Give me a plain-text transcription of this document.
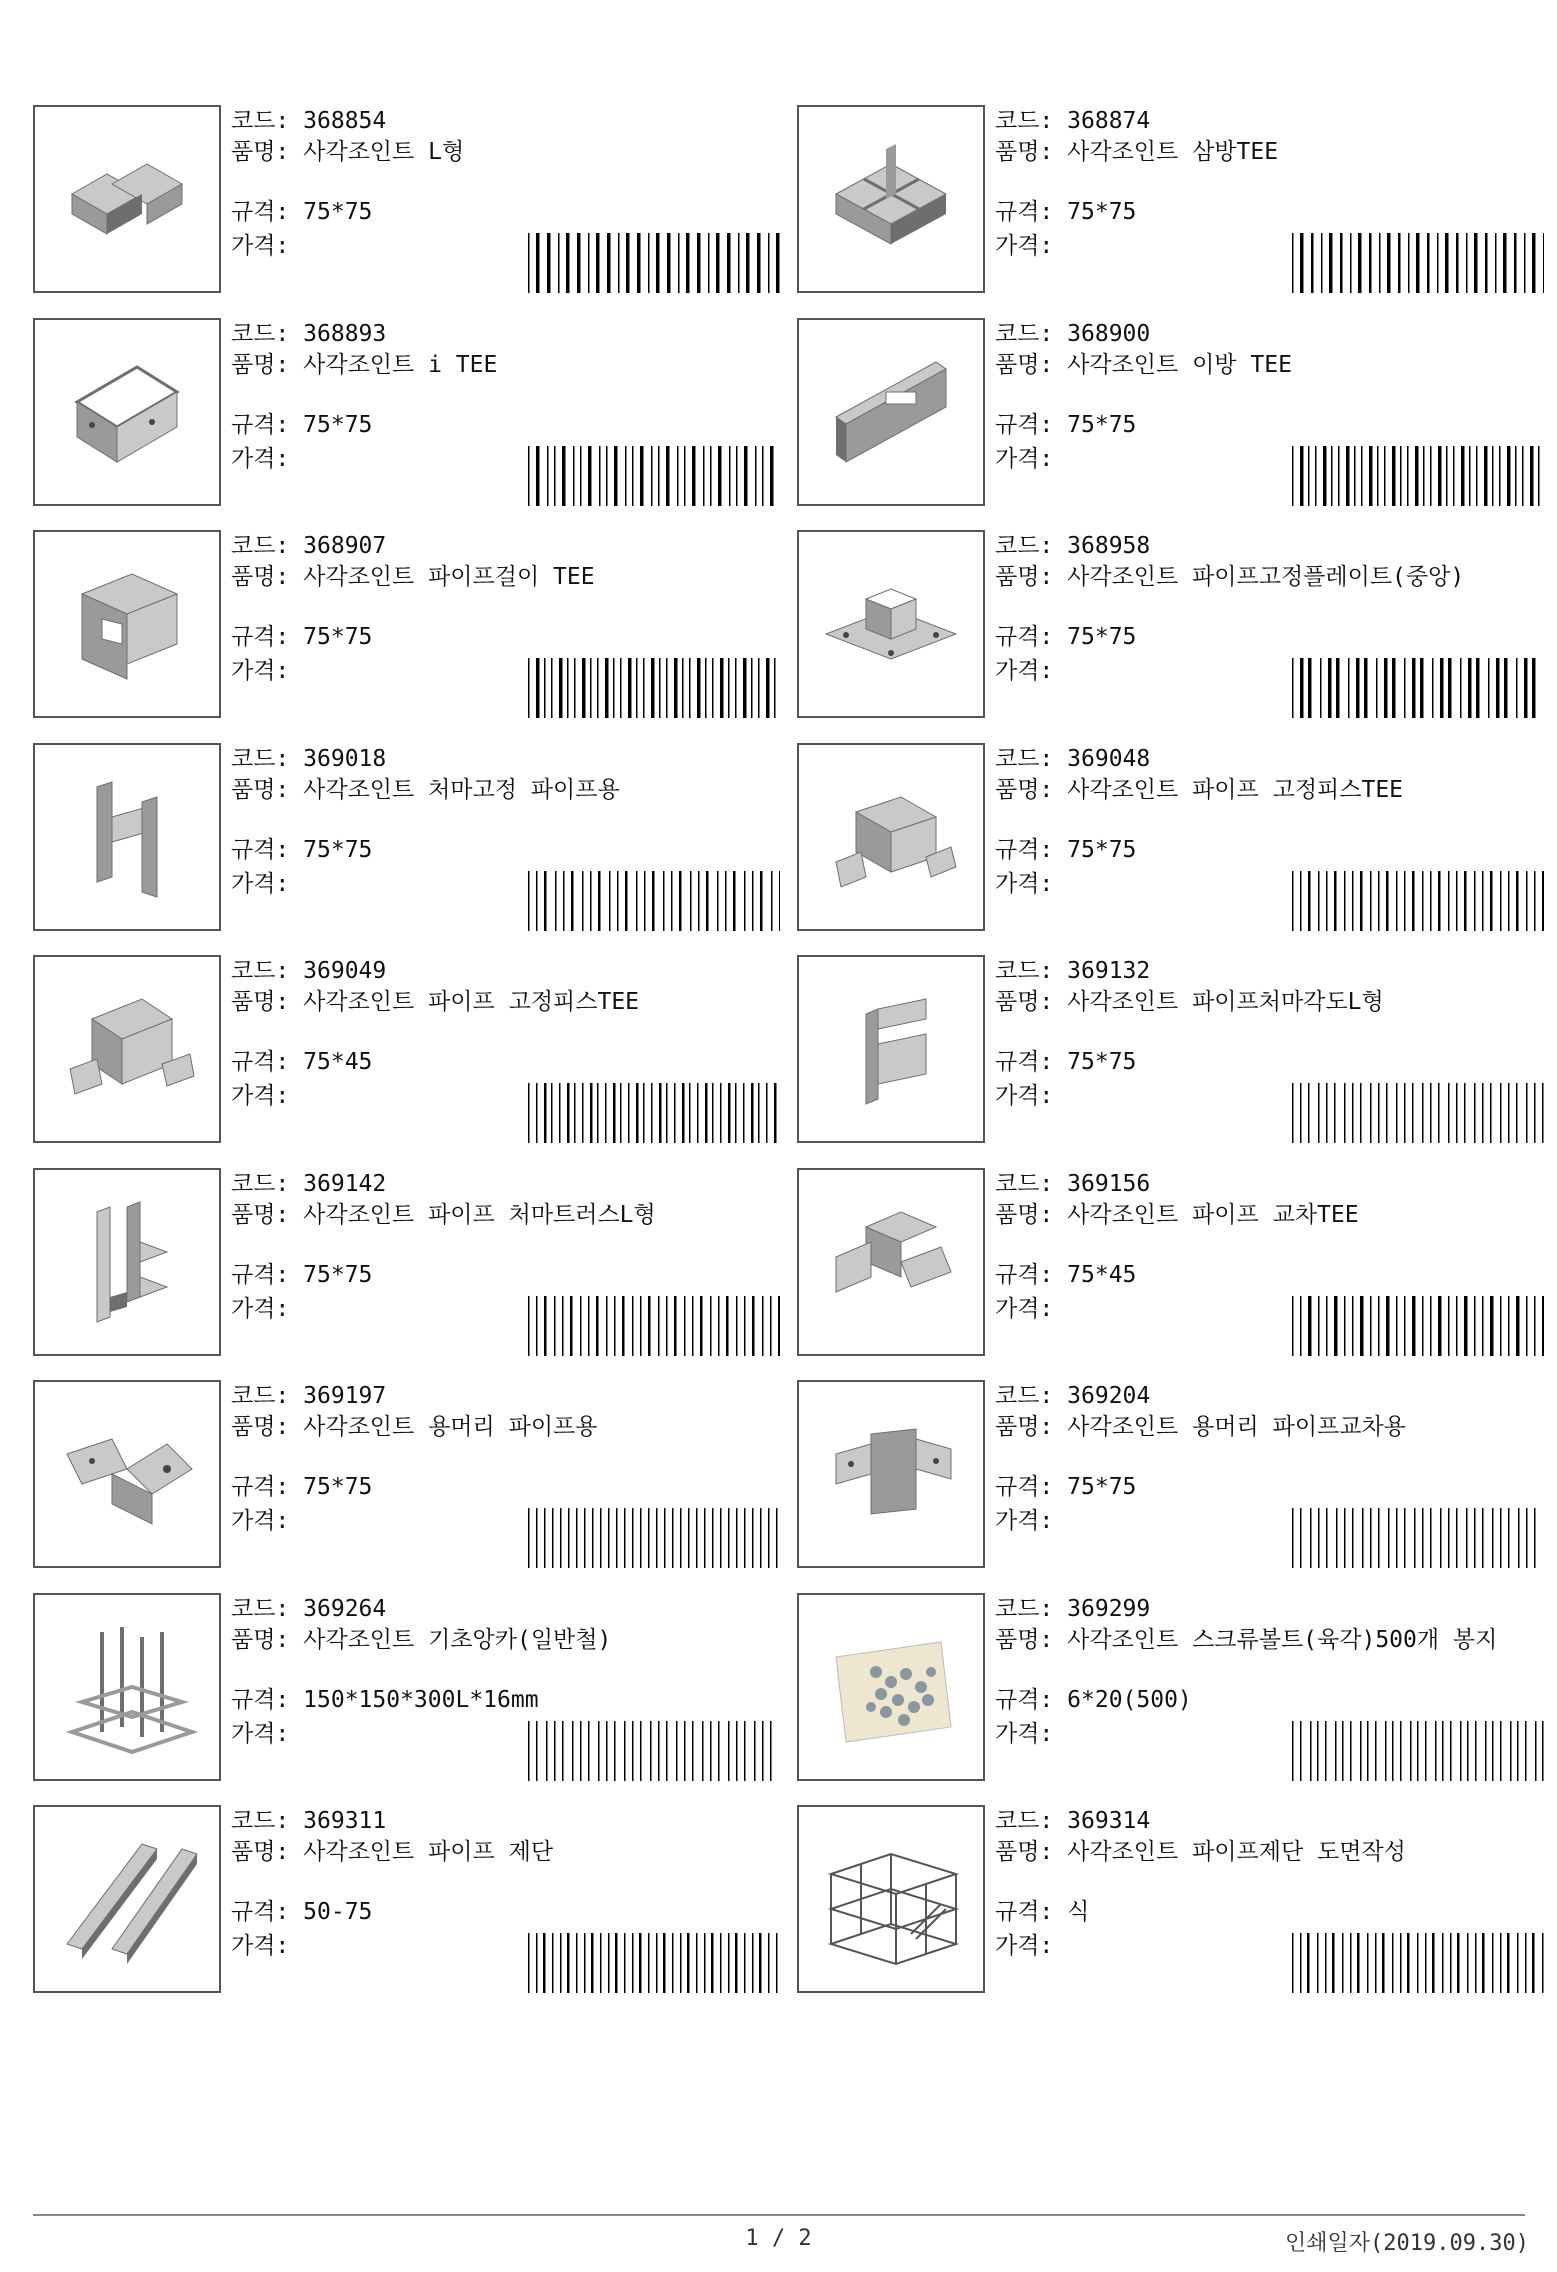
코드: 368854
품명: 사각조인트 L형
규격: 75*75
가격:
코드: 368874
품명: 사각조인트 삼방TEE
규격: 75*75
가격:
코드: 368893
품명: 사각조인트 i TEE
규격: 75*75
가격:
코드: 368900
품명: 사각조인트 이방 TEE
규격: 75*75
가격:
코드: 368907
품명: 사각조인트 파이프걸이 TEE
규격: 75*75
가격:
코드: 368958
품명: 사각조인트 파이프고정플레이트(중앙)
규격: 75*75
가격:
코드: 369018
품명: 사각조인트 처마고정 파이프용
규격: 75*75
가격:
코드: 369048
품명: 사각조인트 파이프 고정피스TEE
규격: 75*75
가격:
코드: 369049
품명: 사각조인트 파이프 고정피스TEE
규격: 75*45
가격:
코드: 369132
품명: 사각조인트 파이프처마각도L형
규격: 75*75
가격:
코드: 369142
품명: 사각조인트 파이프 처마트러스L형
규격: 75*75
가격:
코드: 369156
품명: 사각조인트 파이프 교차TEE
규격: 75*45
가격:
코드: 369197
품명: 사각조인트 용머리 파이프용
규격: 75*75
가격:
코드: 369204
품명: 사각조인트 용머리 파이프교차용
규격: 75*75
가격:
코드: 369264
품명: 사각조인트 기초앙카(일반철)
규격: 150*150*300L*16mm
가격:
코드: 369299
품명: 사각조인트 스크류볼트(육각)500개 봉지
규격: 6*20(500)
가격:
코드: 369311
품명: 사각조인트 파이프 제단
규격: 50-75
가격:
코드: 369314
품명: 사각조인트 파이프제단 도면작성
규격: 식
가격:
1 / 2	인쇄일자(2019.09.30)
